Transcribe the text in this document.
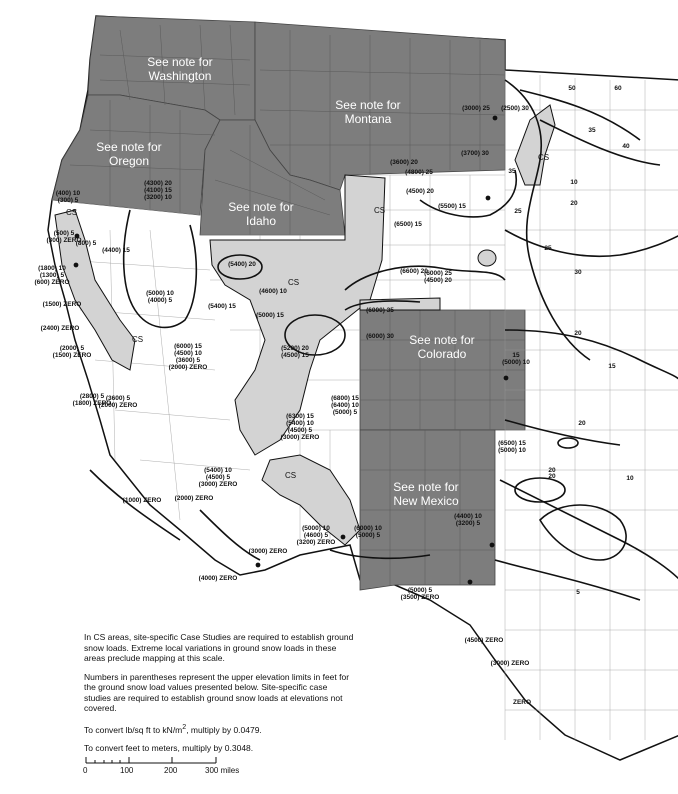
(400) 10 (300) 5
(500) 5 (300) ZERO
(1800) 10 (1300) 5 (600) ZERO
(800) 5
(1500) ZERO
(2400) ZERO
(2000) 5 (1500) ZERO
(2800) 5 (1800) ZERO
(3600) 5 (2000) ZERO
(4300) 20 (4100) 15 (3200) 10
(4400) 15
(5000) 10 (4000) 5
(5400) 20
(5400) 15
(4600) 10
(5000) 15
(6000) 15 (4500) 10 (3600) 5 (2000) ZERO
(5400) 10 (4500) 5 (3000) ZERO
(5200) 20 (4500) 15
(6300) 15 (5400) 10 (4500) 5 (3000) ZERO
(6800) 15 (6400) 10 (5000) 5
(6000) 35
(6000) 30
(6500) 15
(6600) 20
(6000) 25 (4500) 20
(5500) 15
(4500) 20
(4800) 25
(3600) 20
(3700) 30
(3000) 25 (2500) 30
(1000) ZERO (2000) ZERO
(3000) ZERO
(4000) ZERO
(5000) 10 (4600) 5 (3200) ZERO
(6000) 10 (5000) 5
(4400) 10 (3200) 5
(5000) 5 (3500) ZERO
(4500) ZERO
(3000) ZERO
15 (5000) 10
(6500) 15 (5000) 10
50	60
35
40
35
25
20
10
30
25
20
15
20
10
5
ZERO
20
20
CS
CS
CS
CS
CS
CS
See note for Washington
See note for Montana
See note for Oregon
See note for Idaho
See note for Colorado
See note for New Mexico

In CS areas, site-specific Case Studies are required to establish ground snow loads. Extreme local variations in ground snow loads in these areas preclude mapping at this scale.

Numbers in parentheses represent the upper elevation limits in feet for the ground snow load values presented below. Site-specific case studies are required to establish ground snow loads at elevations not covered.

To convert lb/sq ft to $kN/m^2$, multiply by 0.0479.

To convert feet to meters, multiply by 0.3048.

0	100	200	300 miles
